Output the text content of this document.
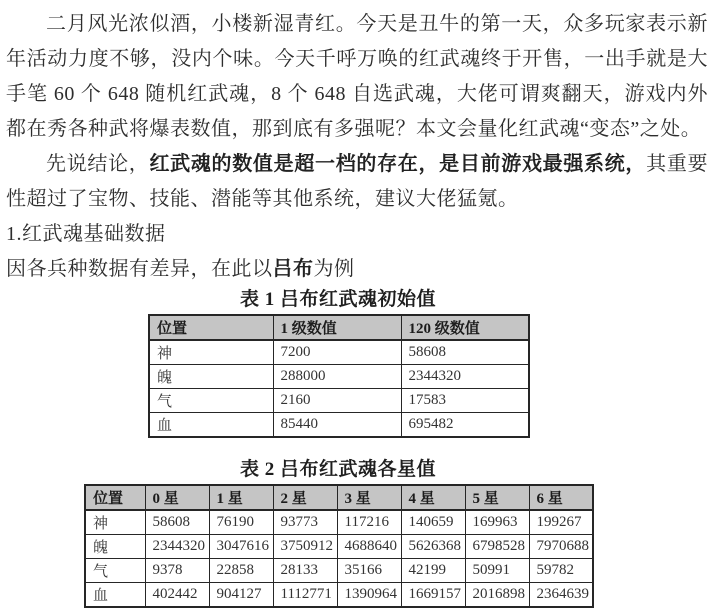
二月风光浓似酒，小楼新湿青红。今天是丑牛的第一天，众多玩家表示新年活动力度不够，没内个味。今天千呼万唤的红武魂终于开售，一出手就是大手笔 60 个 648 随机红武魂，8 个 648 自选武魂，大佬可谓爽翻天，游戏内外都在秀各种武将爆表数值，那到底有多强呢？本文会量化红武魂“变态”之处。

先说结论，红武魂的数值是超一档的存在，是目前游戏最强系统，其重要性超过了宝物、技能、潜能等其他系统，建议大佬猛氪。

1.红武魂基础数据

因各兵种数据有差异，在此以吕布为例

表 1 吕布红武魂初始值
位置	1 级数值	120 级数值
神	7200	58608
魄	288000	2344320
气	2160	17583
血	85440	695482
表 2 吕布红武魂各星值
位置	0 星	1 星	2 星	3 星	4 星	5 星	6 星
神	58608	76190	93773	117216	140659	169963	199267
魄	2344320	3047616	3750912	4688640	5626368	6798528	7970688
气	9378	22858	28133	35166	42199	50991	59782
血	402442	904127	1112771	1390964	1669157	2016898	2364639
